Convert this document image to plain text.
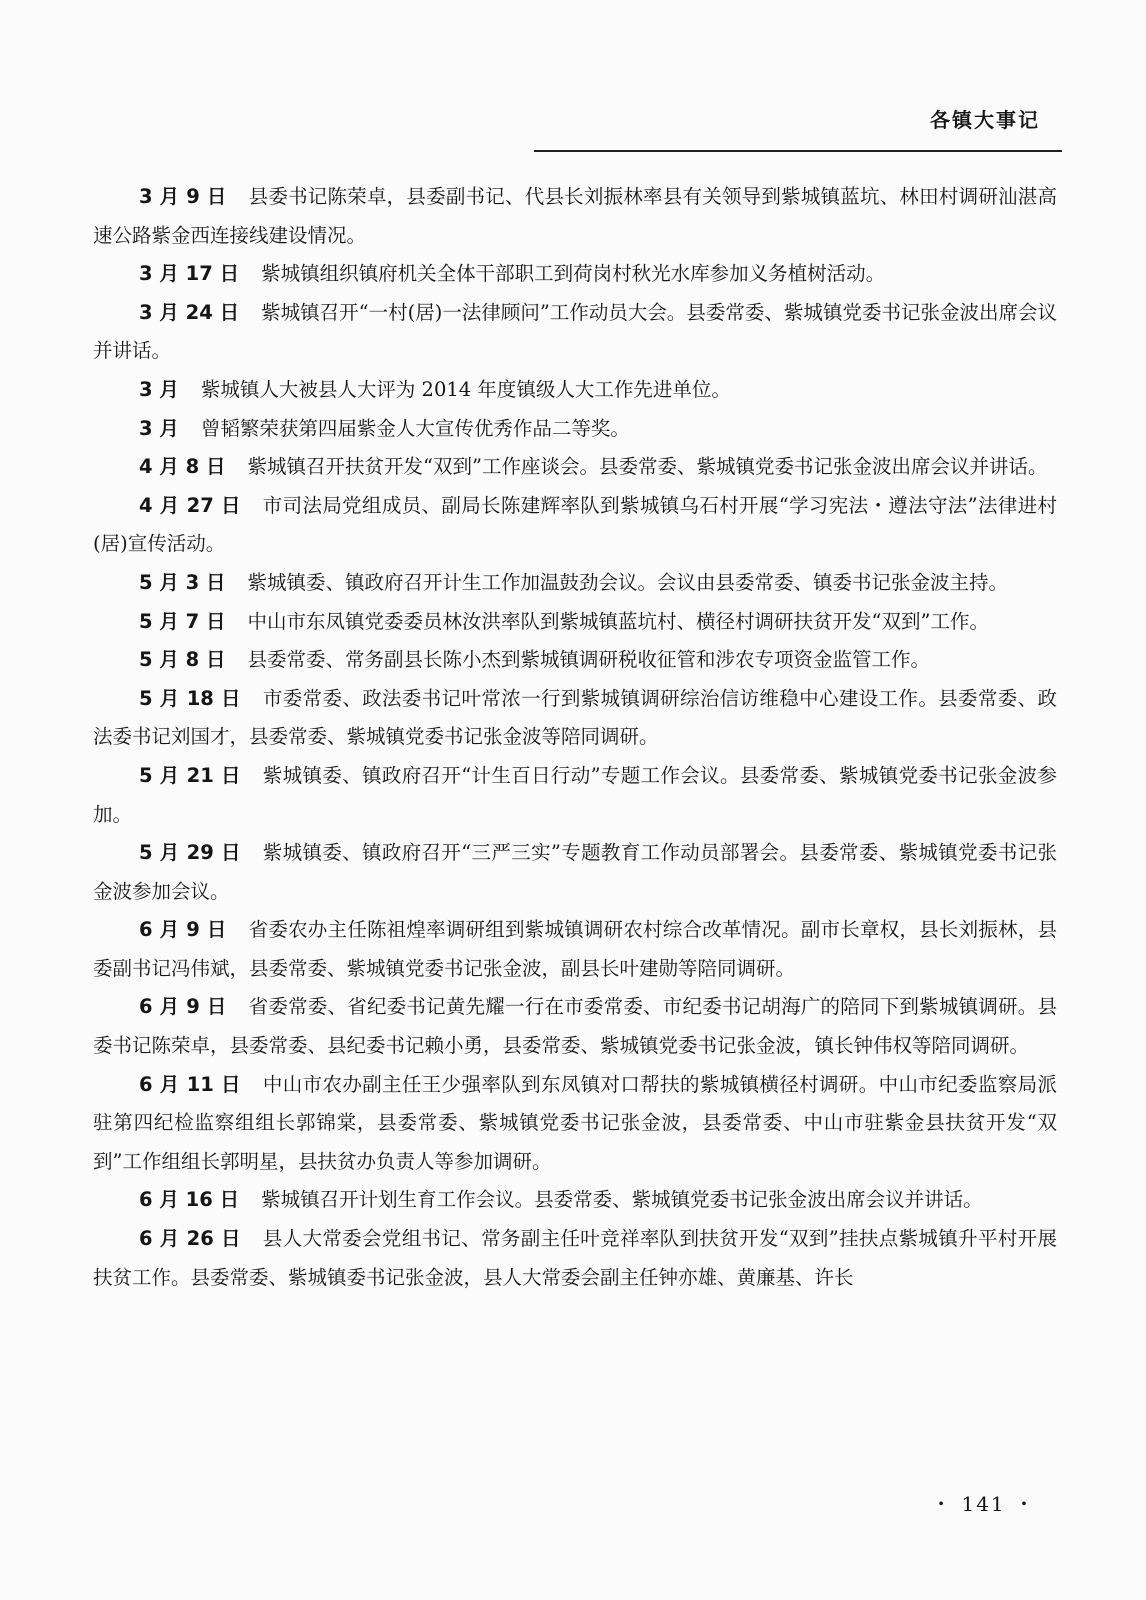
各镇大事记

3 月 9 日 县委书记陈荣卓，县委副书记、代县长刘振林率县有关领导到紫城镇蓝坑、林田村调研汕湛高速公路紫金西连接线建设情况。

3 月 17 日 紫城镇组织镇府机关全体干部职工到荷岗村秋光水库参加义务植树活动。

3 月 24 日 紫城镇召开“一村(居)一法律顾问”工作动员大会。县委常委、紫城镇党委书记张金波出席会议并讲话。

3 月 紫城镇人大被县人大评为 2014 年度镇级人大工作先进单位。

3 月 曾韬繁荣获第四届紫金人大宣传优秀作品二等奖。

4 月 8 日 紫城镇召开扶贫开发“双到”工作座谈会。县委常委、紫城镇党委书记张金波出席会议并讲话。

4 月 27 日 市司法局党组成员、副局长陈建辉率队到紫城镇乌石村开展“学习宪法・遵法守法”法律进村(居)宣传活动。

5 月 3 日 紫城镇委、镇政府召开计生工作加温鼓劲会议。会议由县委常委、镇委书记张金波主持。

5 月 7 日 中山市东凤镇党委委员林汝洪率队到紫城镇蓝坑村、横径村调研扶贫开发“双到”工作。

5 月 8 日 县委常委、常务副县长陈小杰到紫城镇调研税收征管和涉农专项资金监管工作。

5 月 18 日 市委常委、政法委书记叶常浓一行到紫城镇调研综治信访维稳中心建设工作。县委常委、政法委书记刘国才，县委常委、紫城镇党委书记张金波等陪同调研。

5 月 21 日 紫城镇委、镇政府召开“计生百日行动”专题工作会议。县委常委、紫城镇党委书记张金波参加。

5 月 29 日 紫城镇委、镇政府召开“三严三实”专题教育工作动员部署会。县委常委、紫城镇党委书记张金波参加会议。

6 月 9 日 省委农办主任陈祖煌率调研组到紫城镇调研农村综合改革情况。副市长章权，县长刘振林，县委副书记冯伟斌，县委常委、紫城镇党委书记张金波，副县长叶建勋等陪同调研。

6 月 9 日 省委常委、省纪委书记黄先耀一行在市委常委、市纪委书记胡海广的陪同下到紫城镇调研。县委书记陈荣卓，县委常委、县纪委书记赖小勇，县委常委、紫城镇党委书记张金波，镇长钟伟权等陪同调研。

6 月 11 日 中山市农办副主任王少强率队到东凤镇对口帮扶的紫城镇横径村调研。中山市纪委监察局派驻第四纪检监察组组长郭锦棠，县委常委、紫城镇党委书记张金波，县委常委、中山市驻紫金县扶贫开发“双到”工作组组长郭明星，县扶贫办负责人等参加调研。

6 月 16 日 紫城镇召开计划生育工作会议。县委常委、紫城镇党委书记张金波出席会议并讲话。

6 月 26 日 县人大常委会党组书记、常务副主任叶竞祥率队到扶贫开发“双到”挂扶点紫城镇升平村开展扶贫工作。县委常委、紫城镇委书记张金波，县人大常委会副主任钟亦雄、黄廉基、许长

・ 141 ・
